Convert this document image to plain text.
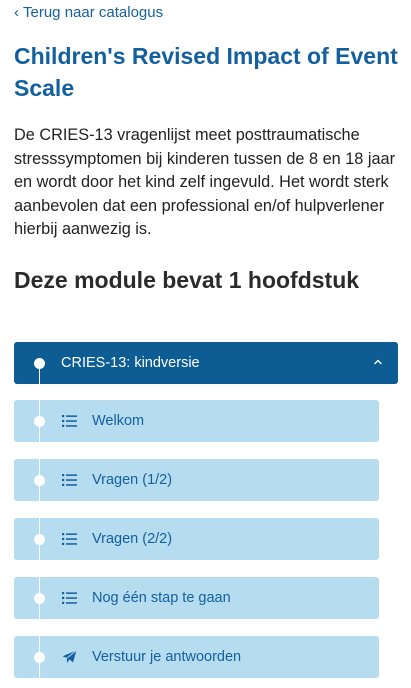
‹ Terug naar catalogus
Children's Revised Impact of Event Scale

De CRIES-13 vragenlijst meet posttraumatische stresssymptomen bij kinderen tussen de 8 en 18 jaar en wordt door het kind zelf ingevuld. Het wordt sterk aanbevolen dat een professional en/of hulpverlener hierbij aanwezig is.

Deze module bevat 1 hoofdstuk
CRIES-13: kindversie
Welkom
Vragen (1/2)
Vragen (2/2)
Nog één stap te gaan
Verstuur je antwoorden
